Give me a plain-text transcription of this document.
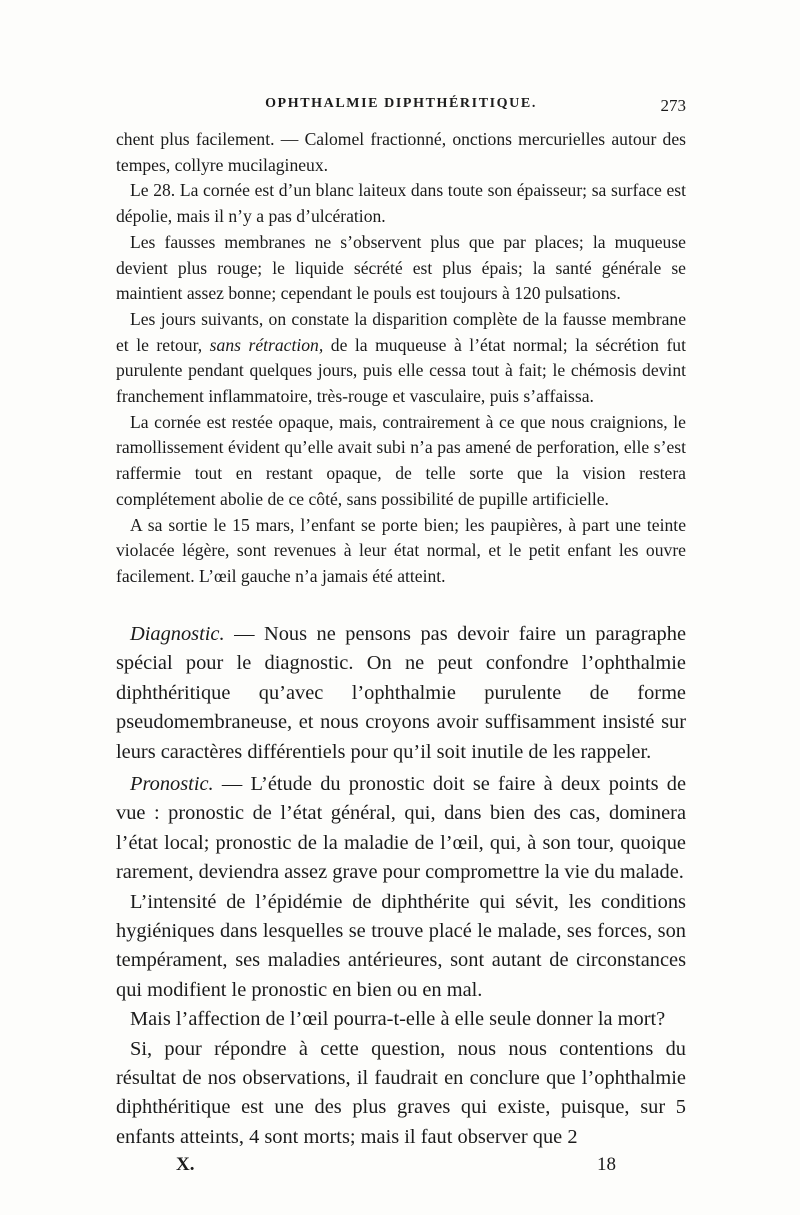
OPHTHALMIE DIPHTHÉRITIQUE.	273

chent plus facilement. — Calomel fractionné, onctions mercurielles autour des tempes, collyre mucilagineux.

Le 28. La cornée est d’un blanc laiteux dans toute son épaisseur; sa surface est dépolie, mais il n’y a pas d’ulcération.

Les fausses membranes ne s’observent plus que par places; la muqueuse devient plus rouge; le liquide sécrété est plus épais; la santé générale se maintient assez bonne; cependant le pouls est toujours à 120 pulsations.

Les jours suivants, on constate la disparition complète de la fausse membrane et le retour, sans rétraction, de la muqueuse à l’état normal; la sécrétion fut purulente pendant quelques jours, puis elle cessa tout à fait; le chémosis devint franchement inflammatoire, très-rouge et vasculaire, puis s’affaissa.

La cornée est restée opaque, mais, contrairement à ce que nous craignions, le ramollissement évident qu’elle avait subi n’a pas amené de perforation, elle s’est raffermie tout en restant opaque, de telle sorte que la vision restera complétement abolie de ce côté, sans possibilité de pupille artificielle.

A sa sortie le 15 mars, l’enfant se porte bien; les paupières, à part une teinte violacée légère, sont revenues à leur état normal, et le petit enfant les ouvre facilement. L’œil gauche n’a jamais été atteint.

Diagnostic. — Nous ne pensons pas devoir faire un paragraphe spécial pour le diagnostic. On ne peut confondre l’ophthalmie diphthéritique qu’avec l’ophthalmie purulente de forme pseudomembraneuse, et nous croyons avoir suffisamment insisté sur leurs caractères différentiels pour qu’il soit inutile de les rappeler.

Pronostic. — L’étude du pronostic doit se faire à deux points de vue : pronostic de l’état général, qui, dans bien des cas, dominera l’état local; pronostic de la maladie de l’œil, qui, à son tour, quoique rarement, deviendra assez grave pour compromettre la vie du malade.

L’intensité de l’épidémie de diphthérite qui sévit, les conditions hygiéniques dans lesquelles se trouve placé le malade, ses forces, son tempérament, ses maladies antérieures, sont autant de circonstances qui modifient le pronostic en bien ou en mal.

Mais l’affection de l’œil pourra-t-elle à elle seule donner la mort?

Si, pour répondre à cette question, nous nous contentions du résultat de nos observations, il faudrait en conclure que l’ophthalmie diphthéritique est une des plus graves qui existe, puisque, sur 5 enfants atteints, 4 sont morts; mais il faut observer que 2

X.	18
